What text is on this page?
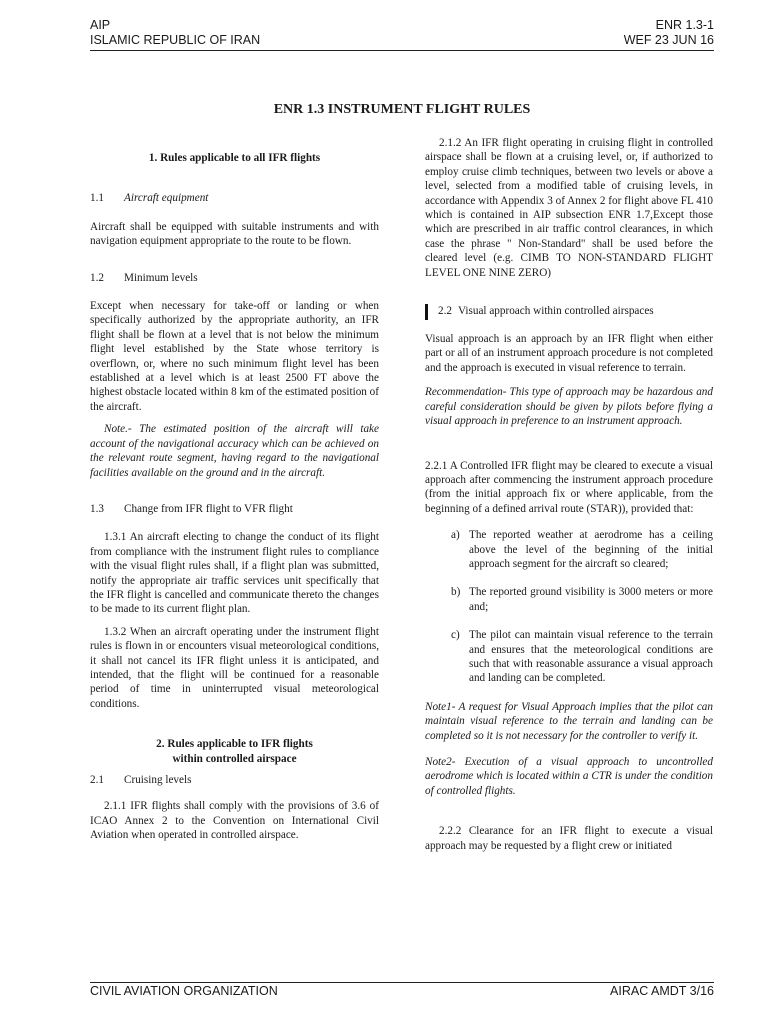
AIP
ISLAMIC REPUBLIC OF IRAN
ENR 1.3-1
WEF 23 JUN 16
ENR 1.3 INSTRUMENT FLIGHT RULES

1. Rules applicable to all IFR flights

1.1	Aircraft equipment

Aircraft shall be equipped with suitable instruments and with navigation equipment appropriate to the route to be flown.

1.2	Minimum levels

Except when necessary for take-off or landing or when specifically authorized by the appropriate authority, an IFR flight shall be flown at a level that is not below the minimum flight level established by the State whose territory is overflown, or, where no such minimum flight level has been established at a level which is at least 2500 FT above the highest obstacle located within 8 km of the estimated position of the aircraft.

Note.- The estimated position of the aircraft will take account of the navigational accuracy which can be achieved on the relevant route segment, having regard to the navigational facilities available on the ground and in the aircraft.

1.3	Change from IFR flight to VFR flight

1.3.1 An aircraft electing to change the conduct of its flight from compliance with the instrument flight rules to compliance with the visual flight rules shall, if a flight plan was submitted, notify the appropriate air traffic services unit specifically that the IFR flight is cancelled and communicate thereto the changes to be made to its current flight plan.

1.3.2 When an aircraft operating under the instrument flight rules is flown in or encounters visual meteorological conditions, it shall not cancel its IFR flight unless it is anticipated, and intended, that the flight will be continued for a reasonable period of time in uninterrupted visual meteorological conditions.

2. Rules applicable to IFR flights
within controlled airspace

2.1	Cruising levels

2.1.1 IFR flights shall comply with the provisions of 3.6 of ICAO Annex 2 to the Convention on International Civil Aviation when operated in controlled airspace.

2.1.2 An IFR flight operating in cruising flight in controlled airspace shall be flown at a cruising level, or, if authorized to employ cruise climb techniques, between two levels or above a level, selected from a modified table of cruising levels, in accordance with Appendix 3 of Annex 2 for flight above FL 410 which is contained in AIP subsection ENR 1.7,Except those which are prescribed in air traffic control clearances, in which case the phrase " Non-Standard" shall be used before the cleared level (e.g. CIMB TO NON-STANDARD FLIGHT LEVEL ONE NINE ZERO)

2.2 Visual approach within controlled airspaces

Visual approach is an approach by an IFR flight when either part or all of an instrument approach procedure is not completed and the approach is executed in visual reference to terrain.

Recommendation- This type of approach may be hazardous and careful consideration should be given by pilots before flying a visual approach in preference to an instrument approach.

2.2.1 A Controlled IFR flight may be cleared to execute a visual approach after commencing the instrument approach procedure (from the initial approach fix or where applicable, from the beginning of a defined arrival route (STAR)), provided that:

a) The reported weather at aerodrome has a ceiling above the level of the beginning of the initial approach segment for the aircraft so cleared;
b) The reported ground visibility is 3000 meters or more and;
c) The pilot can maintain visual reference to the terrain and ensures that the meteorological conditions are such that with reasonable assurance a visual approach and landing can be completed.

Note1- A request for Visual Approach implies that the pilot can maintain visual reference to the terrain and landing can be completed so it is not necessary for the controller to verify it.

Note2- Execution of a visual approach to uncontrolled aerodrome which is located within a CTR is under the condition of controlled flights.

2.2.2 Clearance for an IFR flight to execute a visual approach may be requested by a flight crew or initiated

CIVIL AVIATION ORGANIZATION	AIRAC AMDT 3/16
